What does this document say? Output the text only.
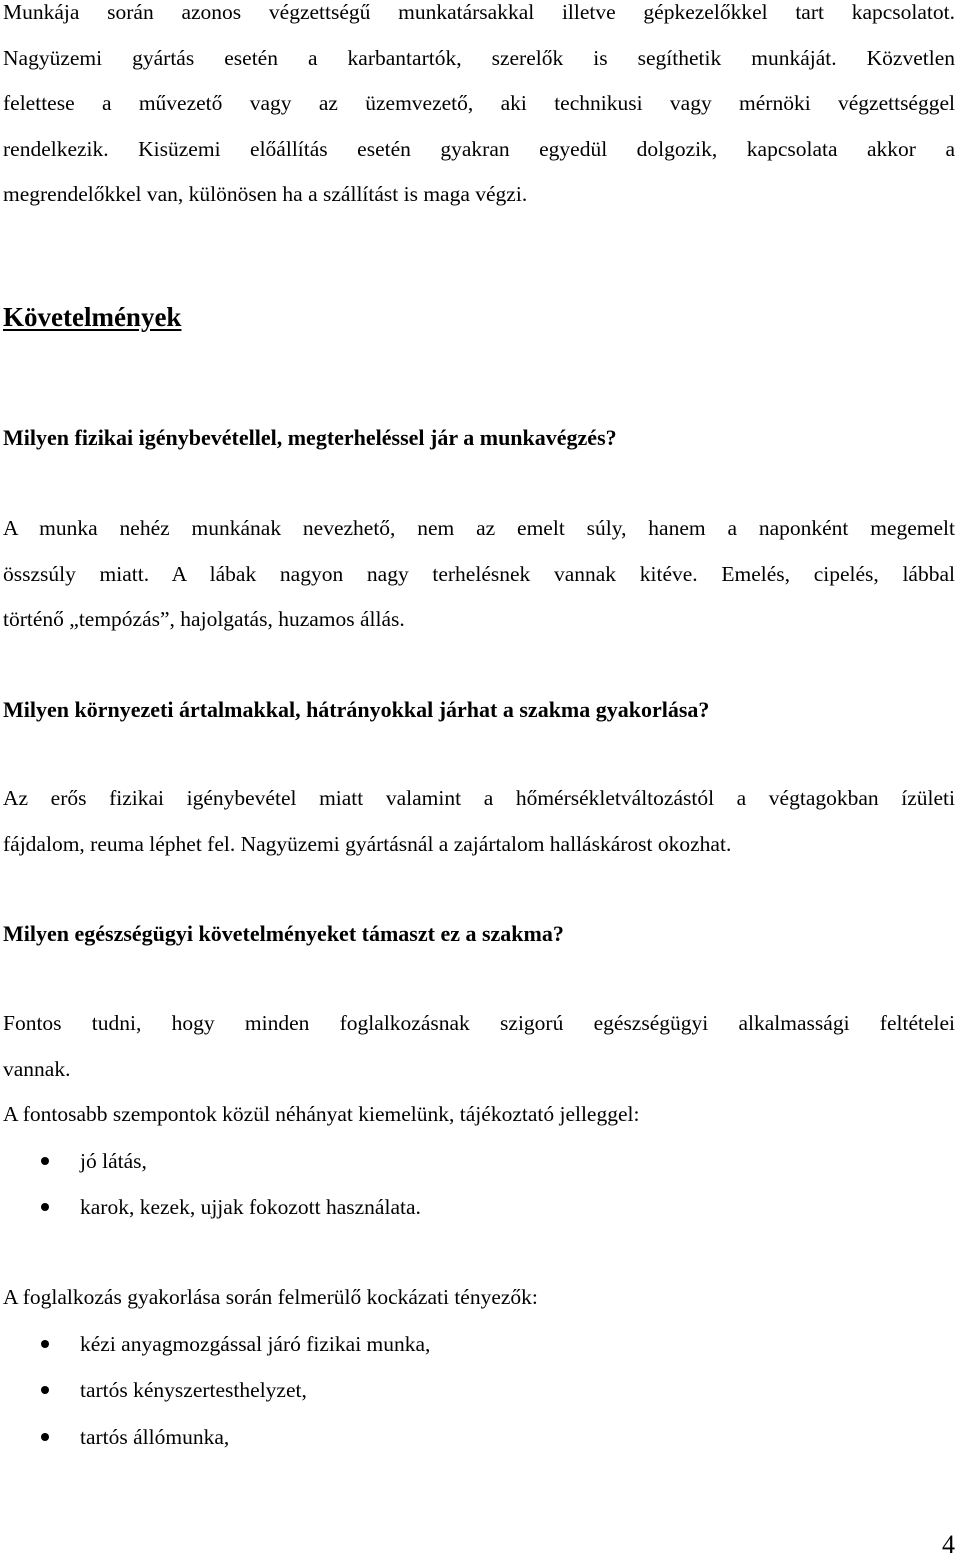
Munkája során azonos végzettségű munkatársakkal illetve gépkezelőkkel tart kapcsolatot.

Nagyüzemi gyártás esetén a karbantartók, szerelők is segíthetik munkáját. Közvetlen

felettese a művezető vagy az üzemvezető, aki technikusi vagy mérnöki végzettséggel

rendelkezik. Kisüzemi előállítás esetén gyakran egyedül dolgozik, kapcsolata akkor a

megrendelőkkel van, különösen ha a szállítást is maga végzi.

Követelmények

Milyen fizikai igénybevétellel, megterheléssel jár a munkavégzés?

A munka nehéz munkának nevezhető, nem az emelt súly, hanem a naponként megemelt

összsúly miatt. A lábak nagyon nagy terhelésnek vannak kitéve. Emelés, cipelés, lábbal

történő „tempózás”, hajolgatás, huzamos állás.

Milyen környezeti ártalmakkal, hátrányokkal járhat a szakma gyakorlása?

Az erős fizikai igénybevétel miatt valamint a hőmérsékletváltozástól a végtagokban ízületi

fájdalom, reuma léphet fel. Nagyüzemi gyártásnál a zajártalom halláskárost okozhat.

Milyen egészségügyi követelményeket támaszt ez a szakma?

Fontos tudni, hogy minden foglalkozásnak szigorú egészségügyi alkalmassági feltételei

vannak.

A fontosabb szempontok közül néhányat kiemelünk, tájékoztató jelleggel:

jó látás,
karok, kezek, ujjak fokozott használata.

A foglalkozás gyakorlása során felmerülő kockázati tényezők:

kézi anyagmozgással járó fizikai munka,
tartós kényszertesthelyzet,
tartós állómunka,
4
